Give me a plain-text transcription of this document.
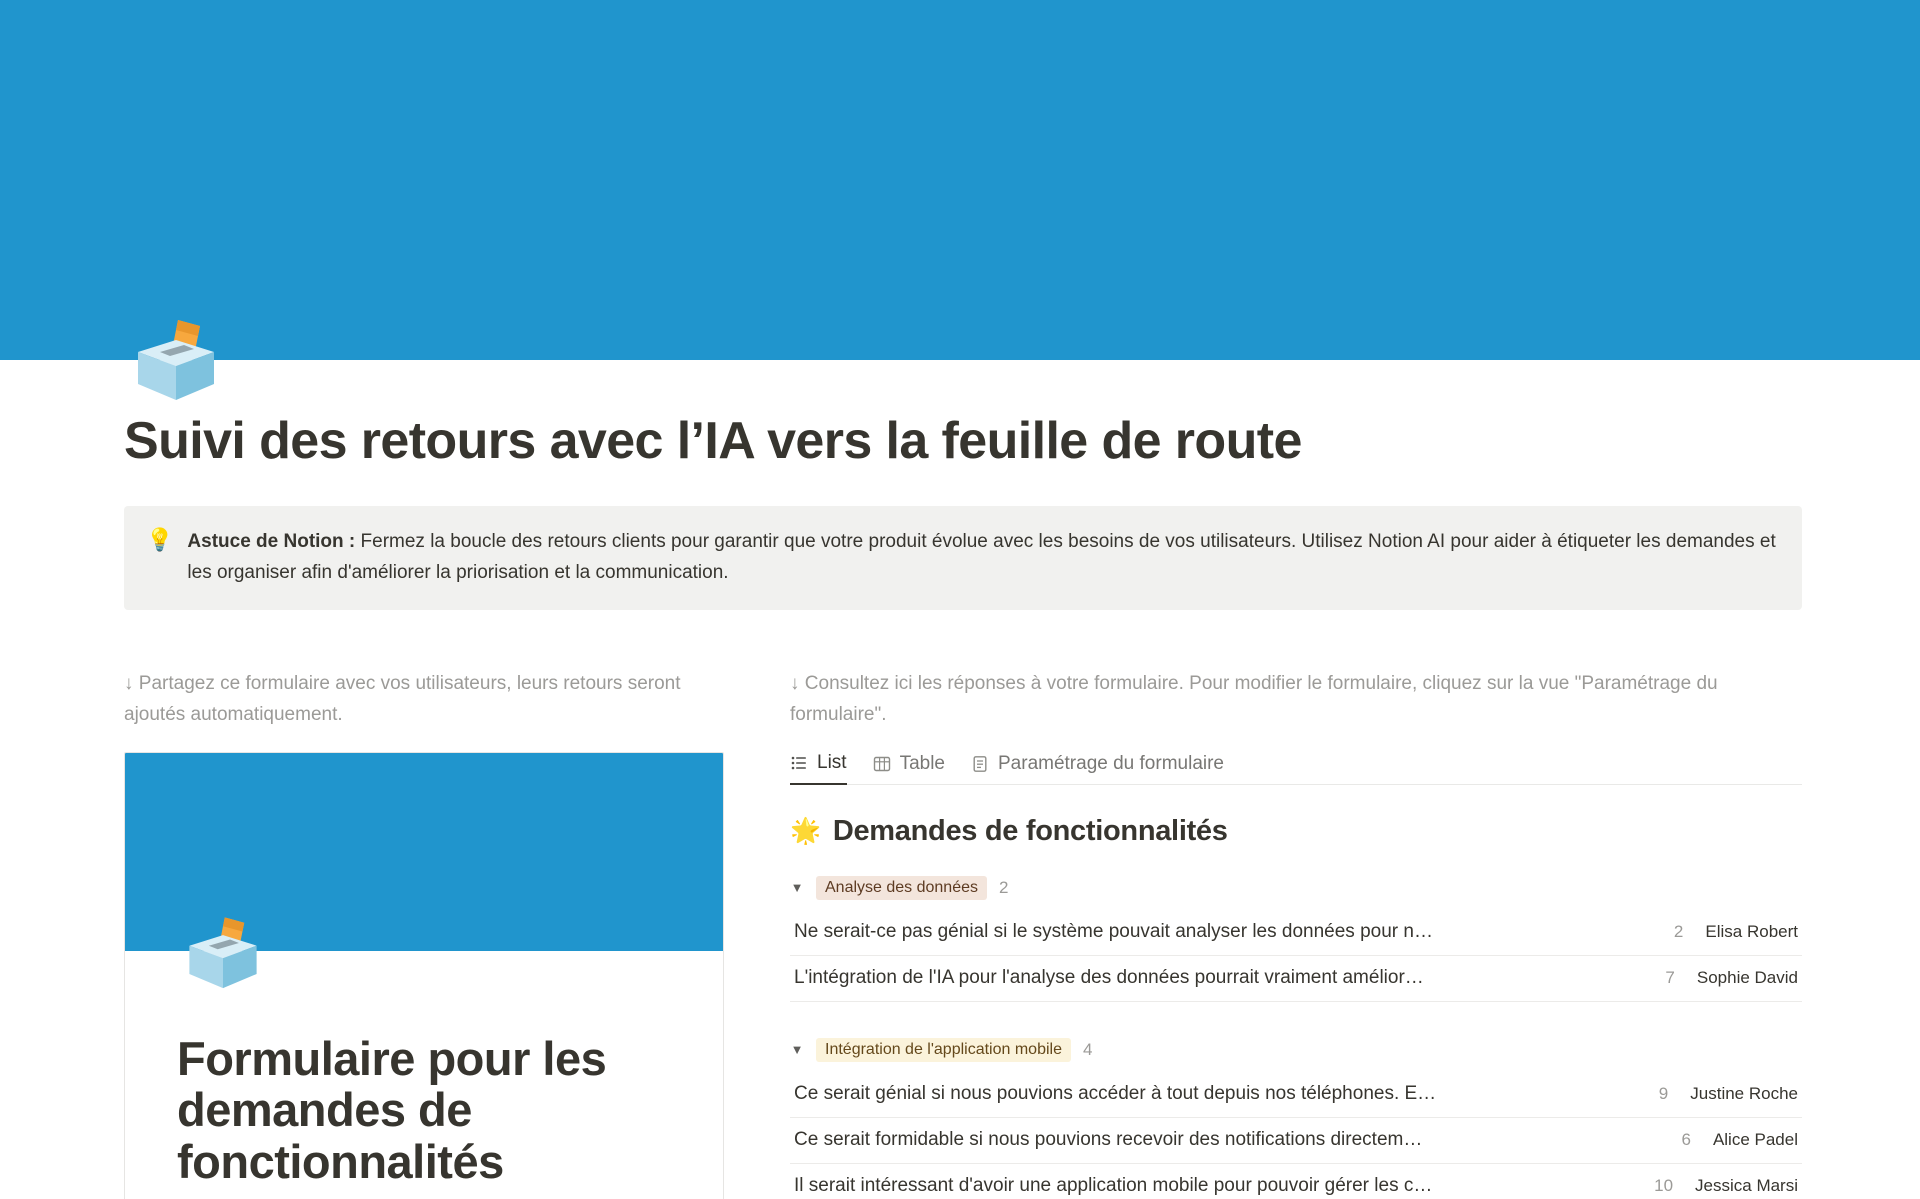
Suivi des retours avec l’IA vers la feuille de route
💡 Astuce de Notion : Fermez la boucle des retours clients pour garantir que votre produit évolue avec les besoins de vos utilisateurs. Utilisez Notion AI pour aider à étiqueter les demandes et les organiser afin d'améliorer la priorisation et la communication.
↓ Partagez ce formulaire avec vos utilisateurs, leurs retours seront ajoutés automatiquement.
Formulaire pour les demandes de fonctionnalités
↓ Consultez ici les réponses à votre formulaire. Pour modifier le formulaire, cliquez sur la vue "Paramétrage du formulaire".
List	Table	Paramétrage du formulaire
🌟 Demandes de fonctionnalités
▼	Analyse des données	2
Ne serait-ce pas génial si le système pouvait analyser les données pour n…	2 Elisa Robert
L'intégration de l'IA pour l'analyse des données pourrait vraiment amélior…	7 Sophie David
▼	Intégration de l'application mobile	4
Ce serait génial si nous pouvions accéder à tout depuis nos téléphones. E…	9 Justine Roche
Ce serait formidable si nous pouvions recevoir des notifications directem…	6 Alice Padel
Il serait intéressant d'avoir une application mobile pour pouvoir gérer les c…	10 Jessica Marsi
